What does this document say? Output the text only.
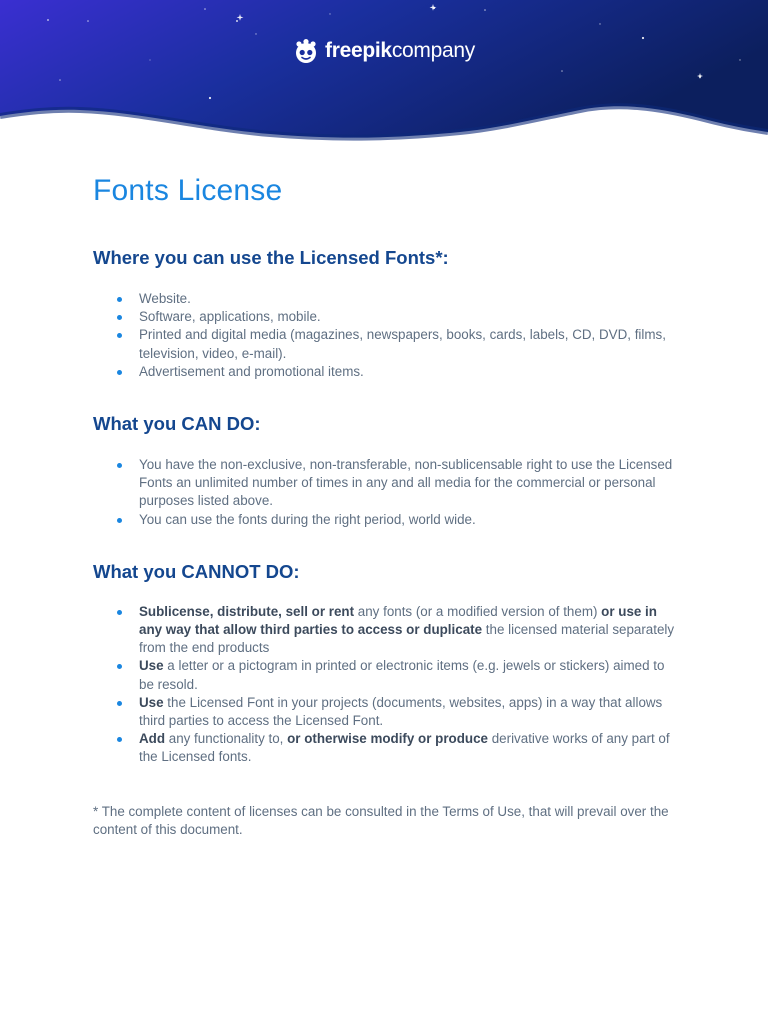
freepik company
Fonts License
Where you can use the Licensed Fonts*:
Website.
Software, applications, mobile.
Printed and digital media (magazines, newspapers, books, cards, labels, CD, DVD, films, television, video, e-mail).
Advertisement and promotional items.
What you CAN DO:
You have the non-exclusive, non-transferable, non-sublicensable right to use the Licensed Fonts an unlimited number of times in any and all media for the commercial or personal purposes listed above.
You can use the fonts during the right period, world wide.
What you CANNOT DO:
Sublicense, distribute, sell or rent any fonts (or a modified version of them) or use in any way that allow third parties to access or duplicate the licensed material separately from the end products
Use a letter or a pictogram in printed or electronic items (e.g. jewels or stickers) aimed to be resold.
Use the Licensed Font in your projects (documents, websites, apps) in a way that allows third parties to access the Licensed Font.
Add any functionality to, or otherwise modify or produce derivative works of any part of the Licensed fonts.

* The complete content of licenses can be consulted in the Terms of Use, that will prevail over the content of this document.
